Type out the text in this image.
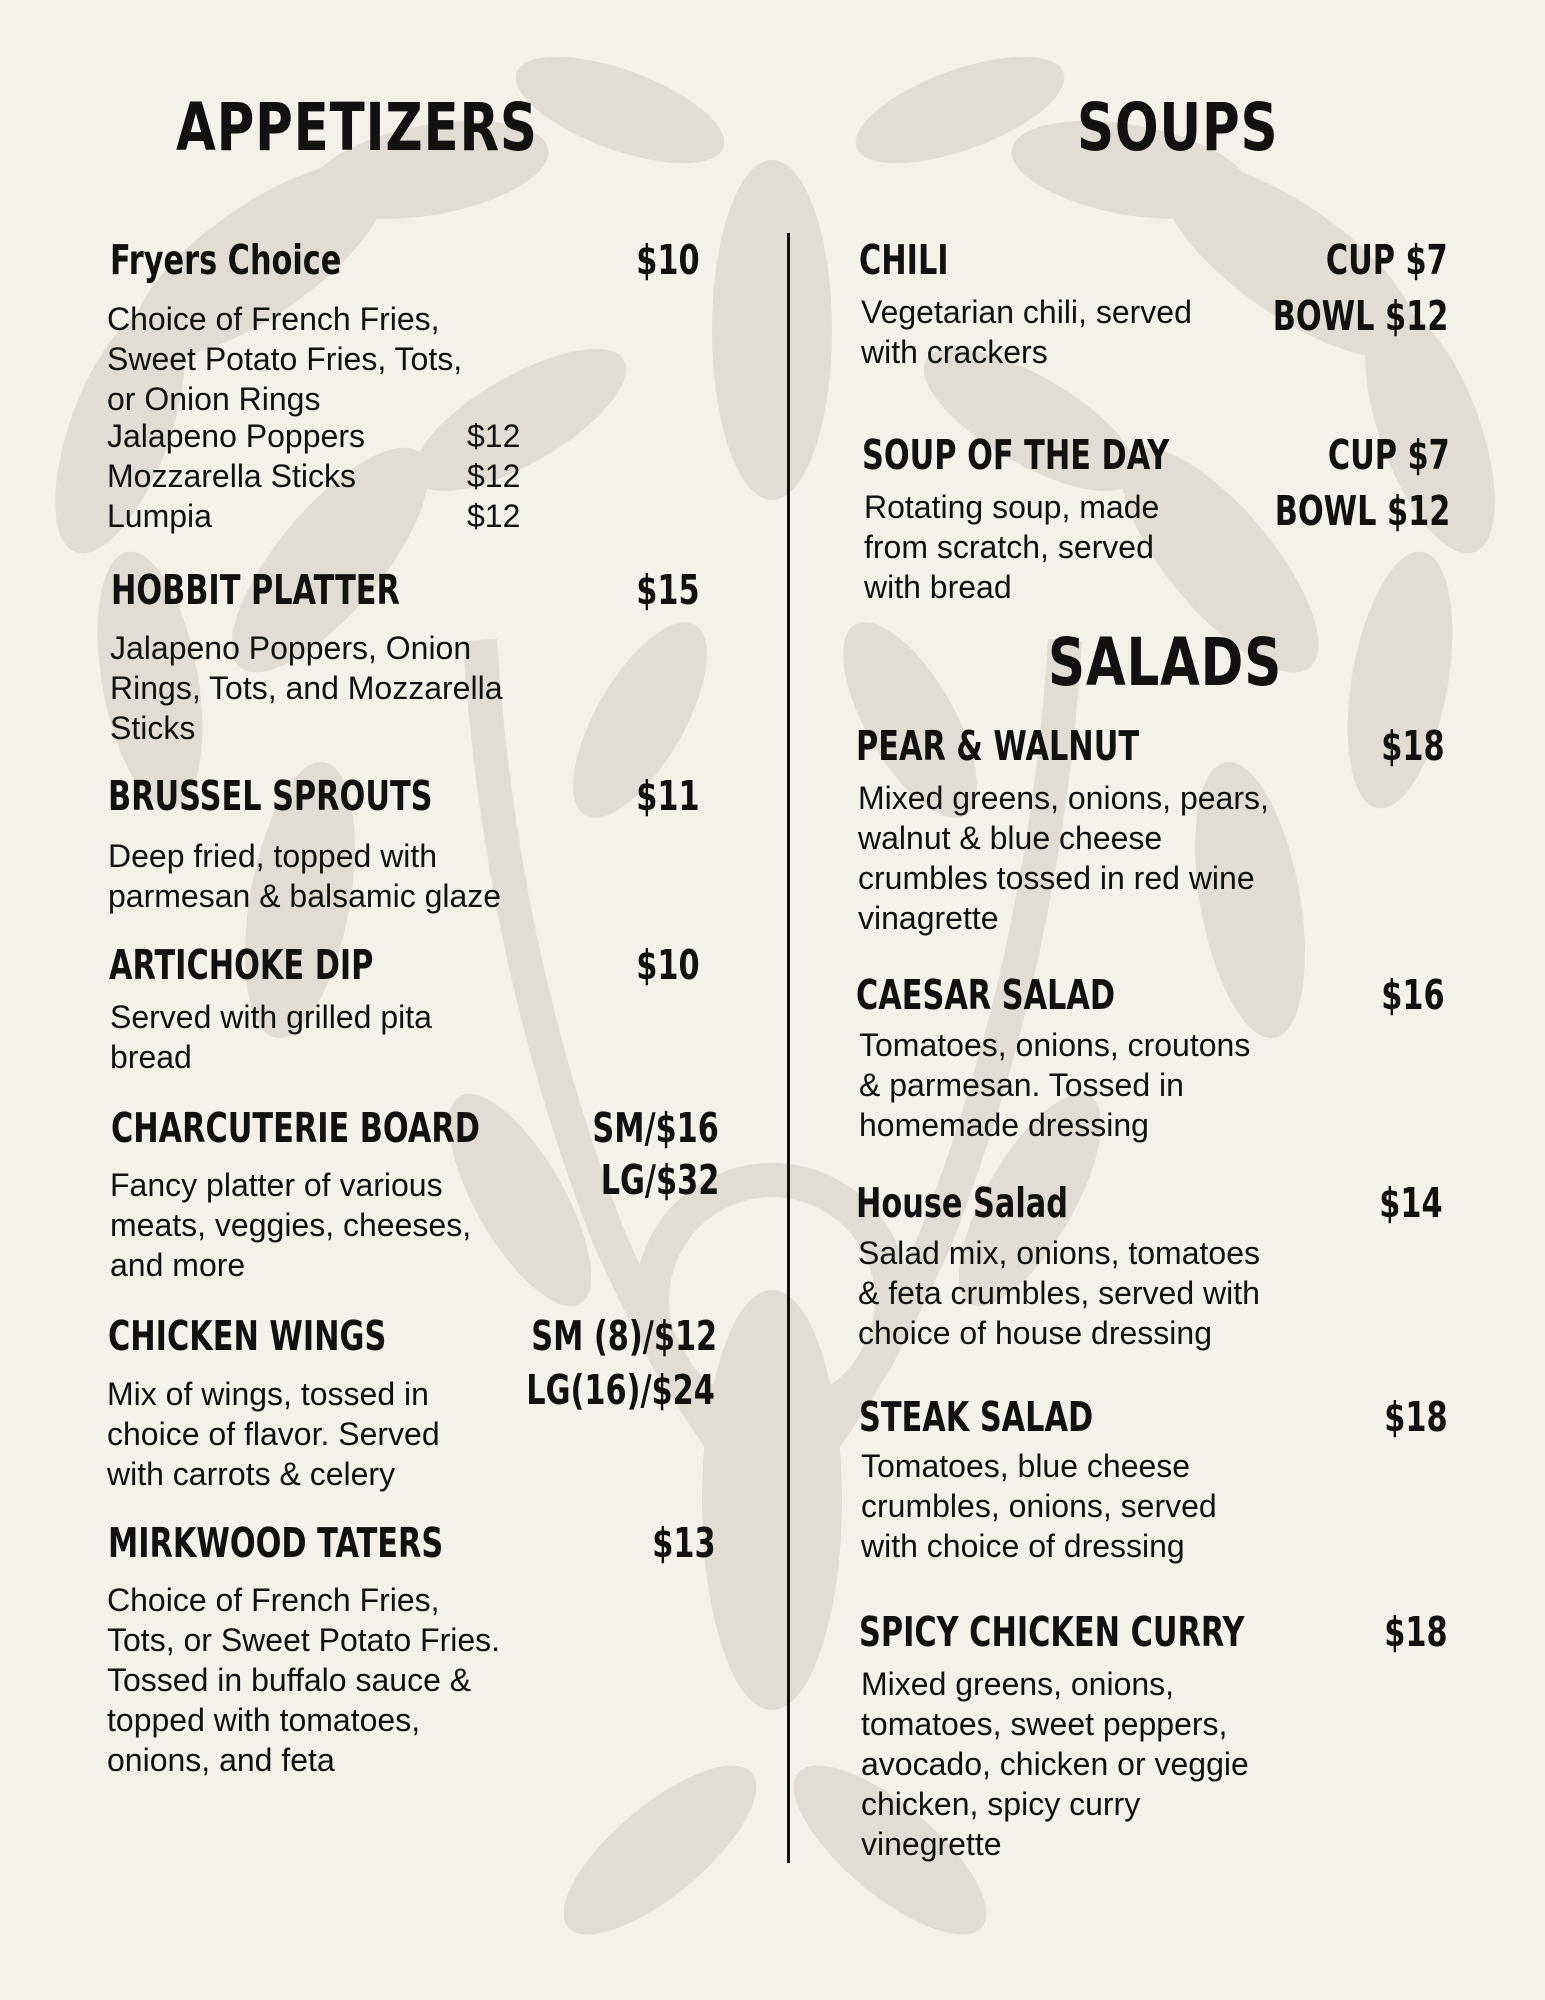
APPETIZERS
Fryers Choice	$10
Choice of French Fries,
Sweet Potato Fries, Tots,
or Onion Rings
Jalapeno Poppers	$12
Mozzarella Sticks	$12
Lumpia	$12
HOBBIT PLATTER	$15
Jalapeno Poppers, Onion
Rings, Tots, and Mozzarella
Sticks
BRUSSEL SPROUTS	$11
Deep fried, topped with
parmesan & balsamic glaze
ARTICHOKE DIP	$10
Served with grilled pita
bread
CHARCUTERIE BOARD	SM/$16
LG/$32
Fancy platter of various
meats, veggies, cheeses,
and more
CHICKEN WINGS	SM (8)/$12
LG(16)/$24
Mix of wings, tossed in
choice of flavor. Served
with carrots & celery
MIRKWOOD TATERS	$13
Choice of French Fries,
Tots, or Sweet Potato Fries.
Tossed in buffalo sauce &
topped with tomatoes,
onions, and feta
SOUPS
CHILI	CUP $7
BOWL $12
Vegetarian chili, served
with crackers
SOUP OF THE DAY	CUP $7
BOWL $12
Rotating soup, made
from scratch, served
with bread
SALADS
PEAR & WALNUT	$18
Mixed greens, onions, pears,
walnut & blue cheese
crumbles tossed in red wine
vinagrette
CAESAR SALAD	$16
Tomatoes, onions, croutons
& parmesan. Tossed in
homemade dressing
House Salad	$14
Salad mix, onions, tomatoes
& feta crumbles, served with
choice of house dressing
STEAK SALAD	$18
Tomatoes, blue cheese
crumbles, onions, served
with choice of dressing
SPICY CHICKEN CURRY	$18
Mixed greens, onions,
tomatoes, sweet peppers,
avocado, chicken or veggie
chicken, spicy curry
vinegrette
